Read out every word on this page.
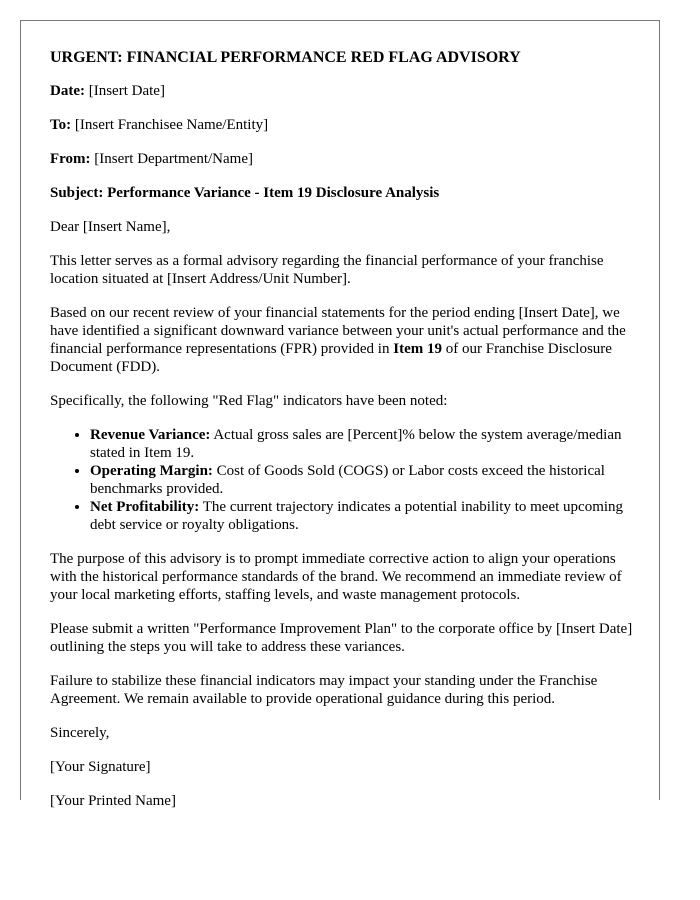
URGENT: FINANCIAL PERFORMANCE RED FLAG ADVISORY
Date: [Insert Date]
To: [Insert Franchisee Name/Entity]
From: [Insert Department/Name]
Subject: Performance Variance - Item 19 Disclosure Analysis

Dear [Insert Name],

This letter serves as a formal advisory regarding the financial performance of your franchise location situated at [Insert Address/Unit Number].

Based on our recent review of your financial statements for the period ending [Insert Date], we have identified a significant downward variance between your unit's actual performance and the financial performance representations (FPR) provided in Item 19 of our Franchise Disclosure Document (FDD).

Specifically, the following "Red Flag" indicators have been noted:

• Revenue Variance: Actual gross sales are [Percent]% below the system average/median stated in Item 19.
• Operating Margin: Cost of Goods Sold (COGS) or Labor costs exceed the historical benchmarks provided.
• Net Profitability: The current trajectory indicates a potential inability to meet upcoming debt service or royalty obligations.

The purpose of this advisory is to prompt immediate corrective action to align your operations with the historical performance standards of the brand. We recommend an immediate review of your local marketing efforts, staffing levels, and waste management protocols.

Please submit a written "Performance Improvement Plan" to the corporate office by [Insert Date] outlining the steps you will take to address these variances.

Failure to stabilize these financial indicators may impact your standing under the Franchise Agreement. We remain available to provide operational guidance during this period.

Sincerely,

[Your Signature]

[Your Printed Name]
